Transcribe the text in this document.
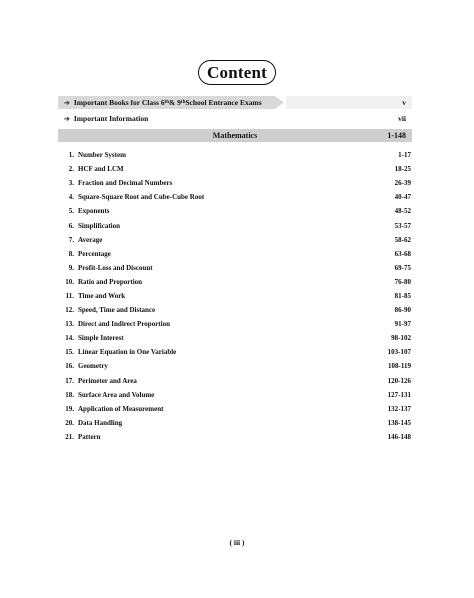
Content
➔ Important Books for Class 6 th & 9 th School Entrance Exams	v
➔ Important Information	vii
Mathematics	1-148
1. Number System	1-17
2. HCF and LCM	18-25
3. Fraction and Decimal Numbers	26-39
4. Square-Square Root and Cube-Cube Root	40-47
5. Exponents	48-52
6. Simplification	53-57
7. Average	58-62
8. Percentage	63-68
9. Profit-Loss and Discount	69-75
10. Ratio and Proportion	76-80
11. Time and Work	81-85
12. Speed, Time and Distance	86-90
13. Direct and Indirect Proportion	91-97
14. Simple Interest	98-102
15. Linear Equation in One Variable	103-107
16. Geometry	108-119
17. Perimeter and Area	120-126
18. Surface Area and Volume	127-131
19. Application of Measurement	132-137
20. Data Handling	138-145
21. Pattern	146-148
( iii )
